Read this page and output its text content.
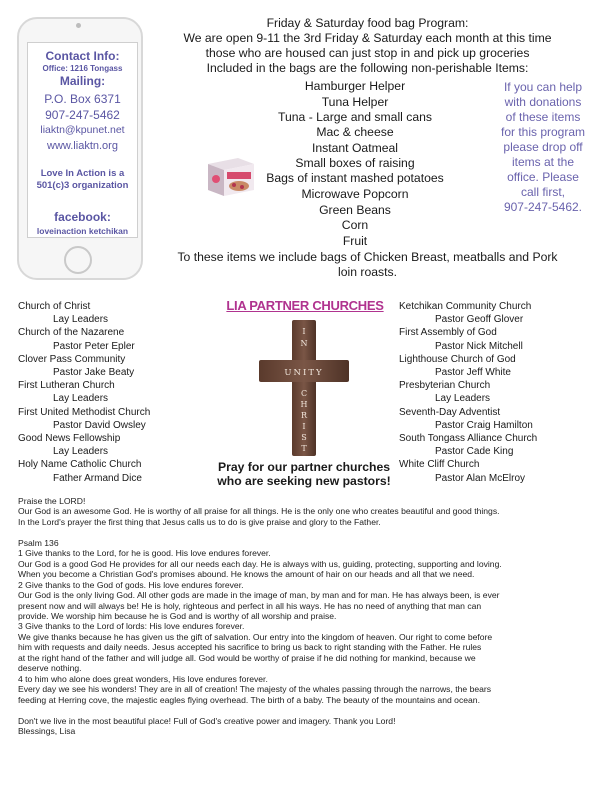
Contact Info:
Office: 1216 Tongass
Mailing:
P.O. Box 6371
907-247-5462
liaktn@kpunet.net
www.liaktn.org
Love In Action is a
501(c)3 organization
facebook:
loveinaction ketchikan
Friday & Saturday food bag Program:
We are open 9-11 the 3rd Friday & Saturday each month at this time
those who are housed can just stop in and pick up groceries
Included in the bags are the following non-perishable Items:
Hamburger Helper
Tuna Helper
Tuna - Large and small cans
Mac & cheese
Instant Oatmeal
Small boxes of raising
Bags of instant mashed potatoes
Microwave Popcorn
Green Beans
Corn
Fruit
To these items we include bags of Chicken Breast, meatballs and Pork
loin roasts.
If you can help
with donations
of these items
for this program
please drop off
items at the
office. Please
call first,
907-247-5462.
LIA PARTNER CHURCHES
I
N
C
H
R
I
S
T
UNITY
Pray for our partner churches
who are seeking new pastors!
Church of Christ
Lay Leaders
Church of the Nazarene
Pastor Peter Epler
Clover Pass Community
Pastor Jake Beaty
First Lutheran Church
Lay Leaders
First United Methodist Church
Pastor David Owsley
Good News Fellowship
Lay Leaders
Holy Name Catholic Church
Father Armand Dice
Ketchikan Community Church
Pastor Geoff Glover
First Assembly of God
Pastor Nick Mitchell
Lighthouse Church of God
Pastor Jeff White
Presbyterian Church
Lay Leaders
Seventh-Day Adventist
Pastor Craig Hamilton
South Tongass Alliance Church
Pastor Cade King
White Cliff Church
Pastor Alan McElroy

Praise the LORD!

Our God is an awesome God. He is worthy of all praise for all things. He is the only one who creates beautiful and good things.

In the Lord's prayer the first thing that Jesus calls us to do is give praise and glory to the Father.

Psalm 136

1 Give thanks to the Lord, for he is good. His love endures forever.

Our God is a good God He provides for all our needs each day. He is always with us, guiding, protecting, supporting and loving.

When you become a Christian God's promises abound. He knows the amount of hair on our heads and all that we need.

2 Give thanks to the God of gods. His love endures forever.

Our God is the only living God. All other gods are made in the image of man, by man and for man. He has always been, is ever

present now and will always be! He is holy, righteous and perfect in all his ways. He has no need of anything that man can

provide. We worship him because he is God and is worthy of all worship and praise.

3 Give thanks to the Lord of lords: His love endures forever.

We give thanks because he has given us the gift of salvation. Our entry into the kingdom of heaven. Our right to come before

him with requests and daily needs. Jesus accepted his sacrifice to bring us back to right standing with the Father. He rules

at the right hand of the father and will judge all. God would be worthy of praise if he did nothing for mankind, because we

deserve nothing.

4 to him who alone does great wonders, His love endures forever.

Every day we see his wonders! They are in all of creation! The majesty of the whales passing through the narrows, the bears

feeding at Herring cove, the majestic eagles flying overhead. The birth of a baby. The beauty of the mountains and ocean.

Don't we live in the most beautiful place! Full of God's creative power and imagery. Thank you Lord!

Blessings, Lisa
